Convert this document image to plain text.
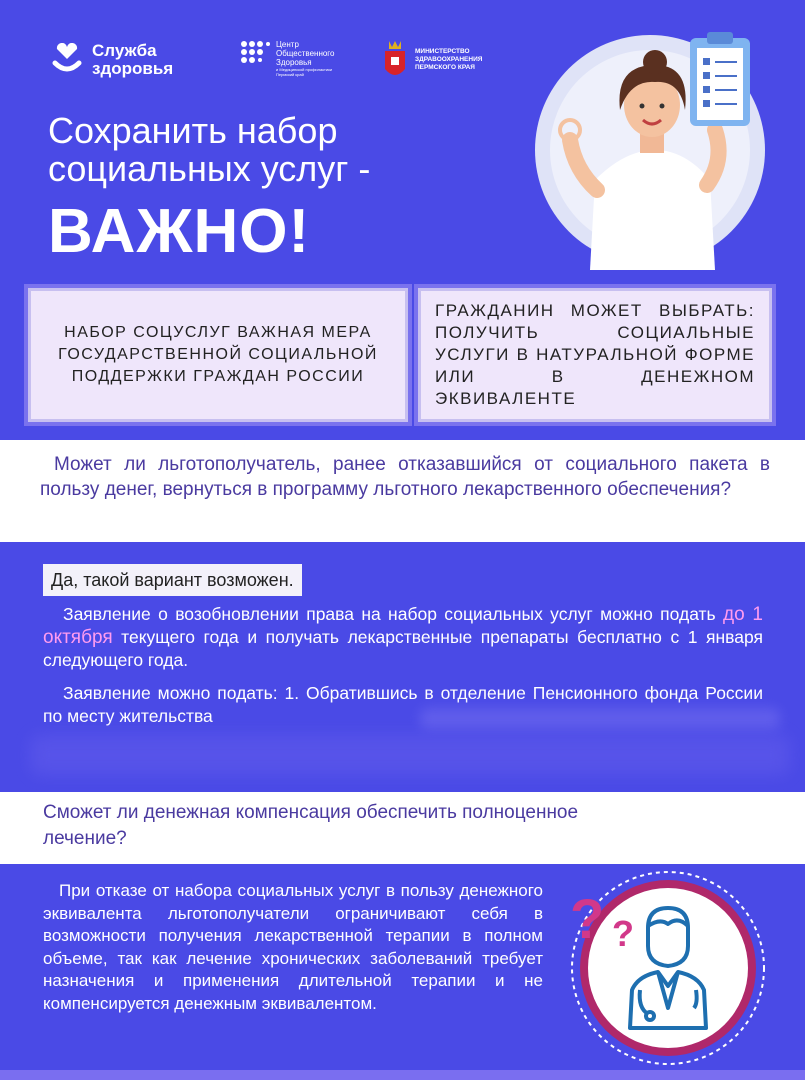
Служба здоровья
Центр
Общественного
Здоровья
и Медицинской профилактики Пермский край
МИНИСТЕРСТВО
ЗДРАВООХРАНЕНИЯ
ПЕРМСКОГО КРАЯ
Сохранить набор
социальных услуг -
ВАЖНО!
НАБОР СОЦУСЛУГ ВАЖНАЯ МЕРА ГОСУДАРСТВЕННОЙ СОЦИАЛЬНОЙ ПОДДЕРЖКИ ГРАЖДАН РОССИИ
ГРАЖДАНИН МОЖЕТ ВЫБРАТЬ: ПОЛУЧИТЬ СОЦИАЛЬНЫЕ УСЛУГИ В НАТУРАЛЬНОЙ ФОРМЕ ИЛИ В ДЕНЕЖНОМ ЭКВИВАЛЕНТЕ
Может ли льготополучатель, ранее отказавшийся от социального пакета в пользу денег, вернуться в программу льготного лекарственного обеспечения?
Да, такой вариант возможен.
Заявление о возобновлении права на набор социальных услуг можно подать до 1 октября текущего года и получать лекарственные препараты бесплатно с 1 января следующего года.
Заявление можно подать: 1. Обратившись в отделение Пенсионного фонда России по месту жительства
Сможет ли денежная компенсация обеспечить полноценное лечение?
При отказе от набора социальных услуг в пользу денежного эквивалента льготополучатели ограничивают себя в возможности получения лекарственной терапии в полном объеме, так как лечение хронических заболеваний требует назначения и применения длительной терапии и не компенсируется денежным эквивалентом.
? ?
